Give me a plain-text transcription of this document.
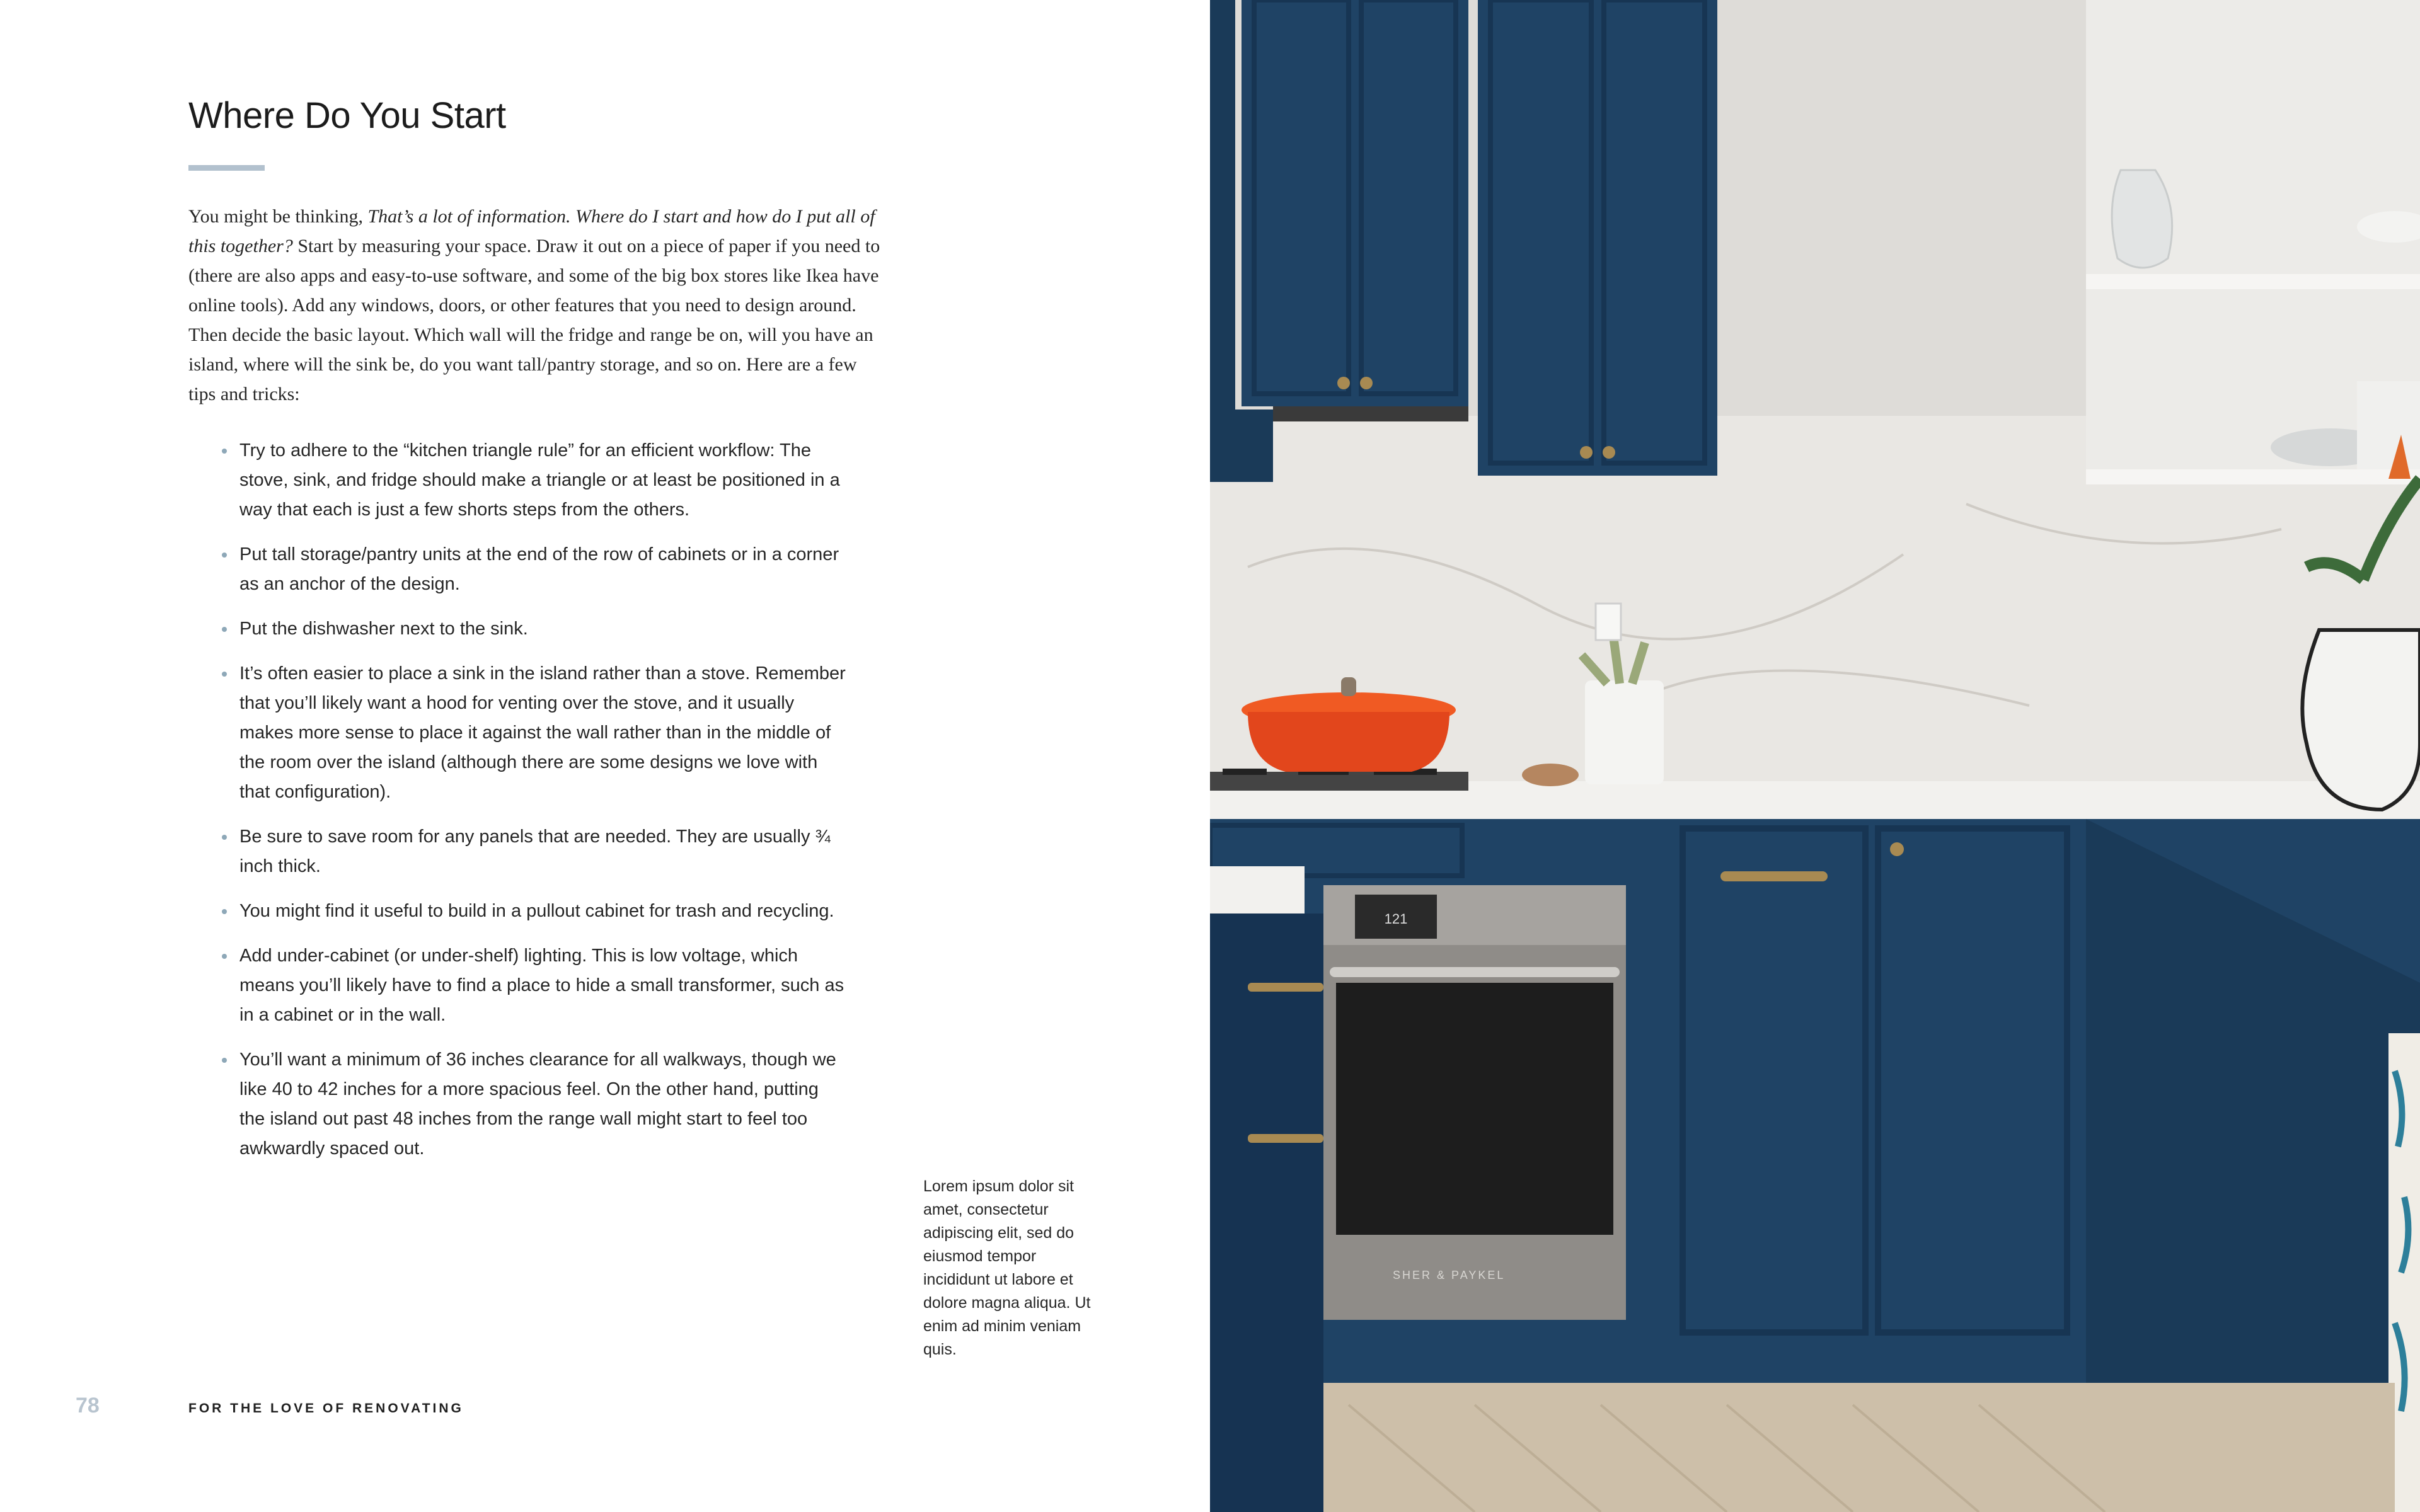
Where Do You Start

You might be thinking, That’s a lot of information. Where do I start and how do I put all of this together? Start by measuring your space. Draw it out on a piece of paper if you need to (there are also apps and easy-to-use software, and some of the big box stores like Ikea have online tools). Add any windows, doors, or other features that you need to design around. Then decide the basic layout. Which wall will the fridge and range be on, will you have an island, where will the sink be, do you want tall/pantry storage, and so on. Here are a few tips and tricks:

Try to adhere to the “kitchen triangle rule” for an efficient workflow: The stove, sink, and fridge should make a triangle or at least be positioned in a way that each is just a few shorts steps from the others.
Put tall storage/pantry units at the end of the row of cabinets or in a corner as an anchor of the design.
Put the dishwasher next to the sink.
It’s often easier to place a sink in the island rather than a stove. Remember that you’ll likely want a hood for venting over the stove, and it usually makes more sense to place it against the wall rather than in the middle of the room over the island (although there are some designs we love with that configuration).
Be sure to save room for any panels that are needed. They are usually ¾ inch thick.
You might find it useful to build in a pullout cabinet for trash and recycling.
Add under-cabinet (or under-shelf) lighting. This is low voltage, which means you’ll likely have to find a place to hide a small transformer, such as in a cabinet or in the wall.
You’ll want a minimum of 36 inches clearance for all walkways, though we like 40 to 42 inches for a more spacious feel. On the other hand, putting the island out past 48 inches from the range wall might start to feel too awkwardly spaced out.

Lorem ipsum dolor sit amet, consectetur adipiscing elit, sed do eiusmod tempor incididunt ut labore et dolore magna aliqua. Ut enim ad minim veniam quis.

78	FOR THE LOVE OF RENOVATING
121
SHER & PAYKEL
